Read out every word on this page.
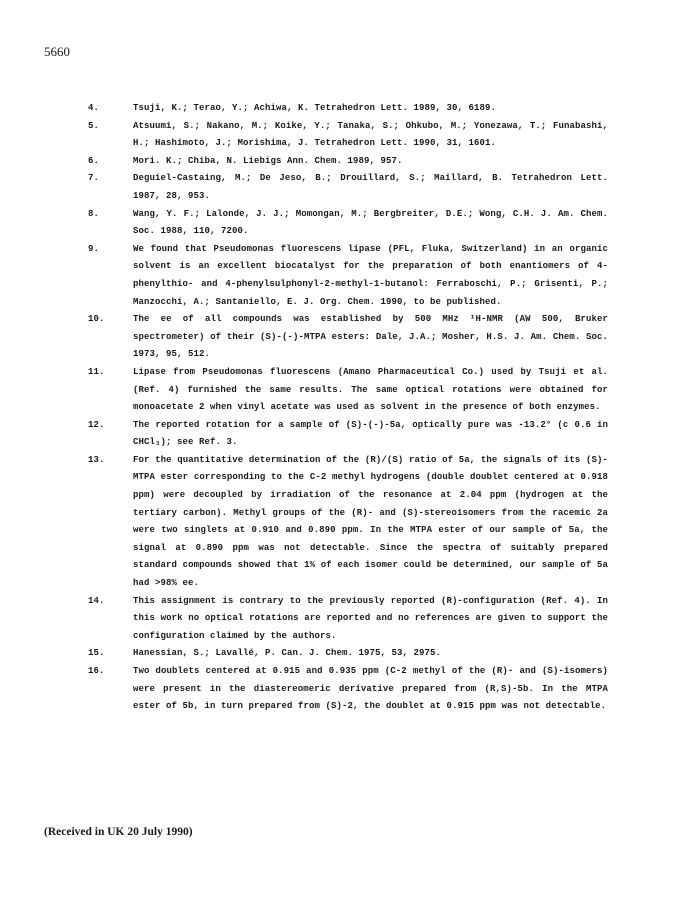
5660
4.	Tsuji, K.; Terao, Y.; Achiwa, K. Tetrahedron Lett. 1989, 30, 6189.
5.	Atsuumi, S.; Nakano, M.; Koike, Y.; Tanaka, S.; Ohkubo, M.; Yonezawa, T.; Funabashi, H.; Hashimoto, J.; Morishima, J. Tetrahedron Lett. 1990, 31, 1601.
6.	Mori. K.; Chiba, N. Liebigs Ann. Chem. 1989, 957.
7.	Deguiel-Castaing, M.; De Jeso, B.; Drouillard, S.; Maillard, B. Tetrahedron Lett. 1987, 28, 953.
8.	Wang, Y. F.; Lalonde, J. J.; Momongan, M.; Bergbreiter, D.E.; Wong, C.H. J. Am. Chem. Soc. 1988, 110, 7200.
9.	We found that Pseudomonas fluorescens lipase (PFL, Fluka, Switzerland) in an organic solvent is an excellent biocatalyst for the preparation of both enantiomers of 4-phenylthio- and 4-phenylsulphonyl-2-methyl-1-butanol: Ferraboschi, P.; Grisenti, P.; Manzocchi, A.; Santaniello, E. J. Org. Chem. 1990, to be published.
10.	The ee of all compounds was established by 500 MHz ¹H-NMR (AW 500, Bruker spectrometer) of their (S)-(-)-MTPA esters: Dale, J.A.; Mosher, H.S. J. Am. Chem. Soc. 1973, 95, 512.
11.	Lipase from Pseudomonas fluorescens (Amano Pharmaceutical Co.) used by Tsuji et al. (Ref. 4) furnished the same results. The same optical rotations were obtained for monoacetate 2 when vinyl acetate was used as solvent in the presence of both enzymes.
12.	The reported rotation for a sample of (S)-(-)-5a, optically pure was -13.2° (c 0.6 in CHCl₃); see Ref. 3.
13.	For the quantitative determination of the (R)/(S) ratio of 5a, the signals of its (S)-MTPA ester corresponding to the C-2 methyl hydrogens (double doublet centered at 0.918 ppm) were decoupled by irradiation of the resonance at 2.04 ppm (hydrogen at the tertiary carbon). Methyl groups of the (R)- and (S)-stereoisomers from the racemic 2a were two singlets at 0.910 and 0.890 ppm. In the MTPA ester of our sample of 5a, the signal at 0.890 ppm was not detectable. Since the spectra of suitably prepared standard compounds showed that 1% of each isomer could be determined, our sample of 5a had >98% ee.
14.	This assignment is contrary to the previously reported (R)-configuration (Ref. 4). In this work no optical rotations are reported and no references are given to support the configuration claimed by the authors.
15.	Hanessian, S.; Lavallé, P. Can. J. Chem. 1975, 53, 2975.
16.	Two doublets centered at 0.915 and 0.935 ppm (C-2 methyl of the (R)- and (S)-isomers) were present in the diastereomeric derivative prepared from (R,S)-5b. In the MTPA ester of 5b, in turn prepared from (S)-2, the doublet at 0.915 ppm was not detectable.
(Received in UK 20 July 1990)
